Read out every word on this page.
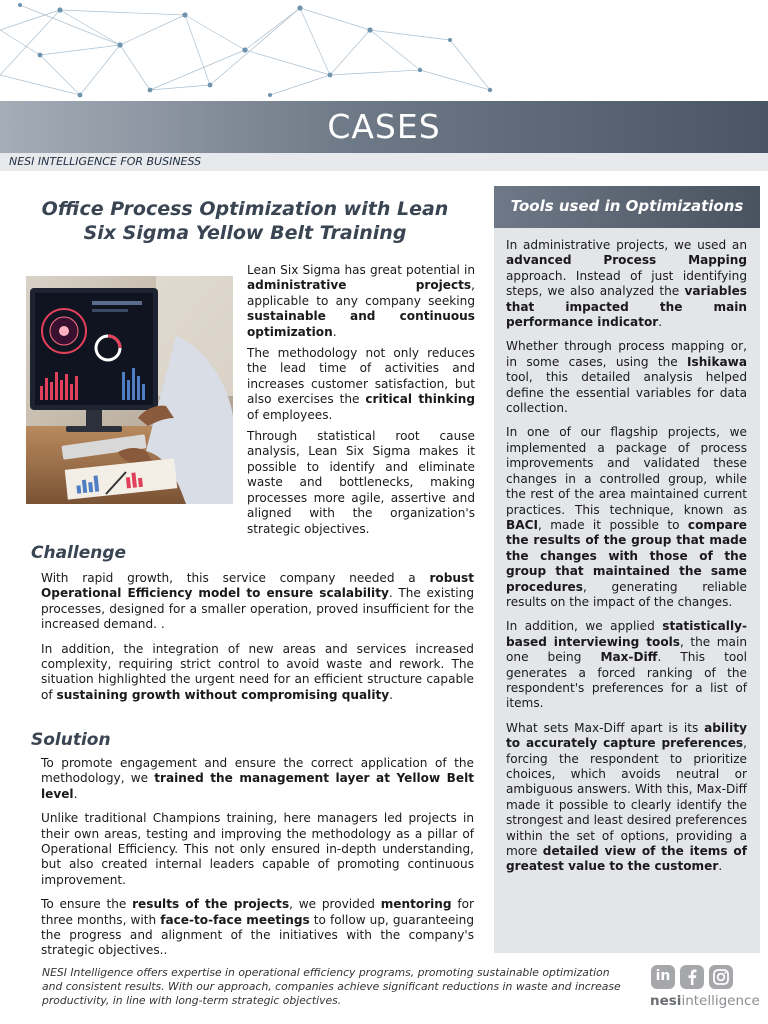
CASES
NESI INTELLIGENCE FOR BUSINESS
Office Process Optimization with Lean
Six Sigma Yellow Belt Training

Lean Six Sigma has great potential in administrative projects, applicable to any company seeking sustainable and continuous optimization.

The methodology not only reduces the lead time of activities and increases customer satisfaction, but also exercises the critical thinking of employees.

Through statistical root cause analysis, Lean Six Sigma makes it possible to identify and eliminate waste and bottlenecks, making processes more agile, assertive and aligned with the organization's strategic objectives.

Challenge

With rapid growth, this service company needed a robust Operational Efficiency model to ensure scalability. The existing processes, designed for a smaller operation, proved insufficient for the increased demand. .

In addition, the integration of new areas and services increased complexity, requiring strict control to avoid waste and rework. The situation highlighted the urgent need for an efficient structure capable of sustaining growth without compromising quality.

Solution

To promote engagement and ensure the correct application of the methodology, we trained the management layer at Yellow Belt level.

Unlike traditional Champions training, here managers led projects in their own areas, testing and improving the methodology as a pillar of Operational Efficiency. This not only ensured in-depth understanding, but also created internal leaders capable of promoting continuous improvement.

To ensure the results of the projects, we provided mentoring for three months, with face-to-face meetings to follow up, guaranteeing the progress and alignment of the initiatives with the company's strategic objectives..

Tools used in Optimizations

In administrative projects, we used an advanced Process Mapping approach. Instead of just identifying steps, we also analyzed the variables that impacted the main performance indicator.

Whether through process mapping or, in some cases, using the Ishikawa tool, this detailed analysis helped define the essential variables for data collection.

In one of our flagship projects, we implemented a package of process improvements and validated these changes in a controlled group, while the rest of the area maintained current practices. This technique, known as BACI, made it possible to compare the results of the group that made the changes with those of the group that maintained the same procedures, generating reliable results on the impact of the changes.

In addition, we applied statistically-based interviewing tools, the main one being Max-Diff. This tool generates a forced ranking of the respondent's preferences for a list of items.

What sets Max-Diff apart is its ability to accurately capture preferences, forcing the respondent to prioritize choices, which avoids neutral or ambiguous answers. With this, Max-Diff made it possible to clearly identify the strongest and least desired preferences within the set of options, providing a more detailed view of the items of greatest value to the customer.

NESI Intelligence offers expertise in operational efficiency programs, promoting sustainable optimization and consistent results. With our approach, companies achieve significant reductions in waste and increase productivity, in line with long-term strategic objectives.
in
nesiintelligence
